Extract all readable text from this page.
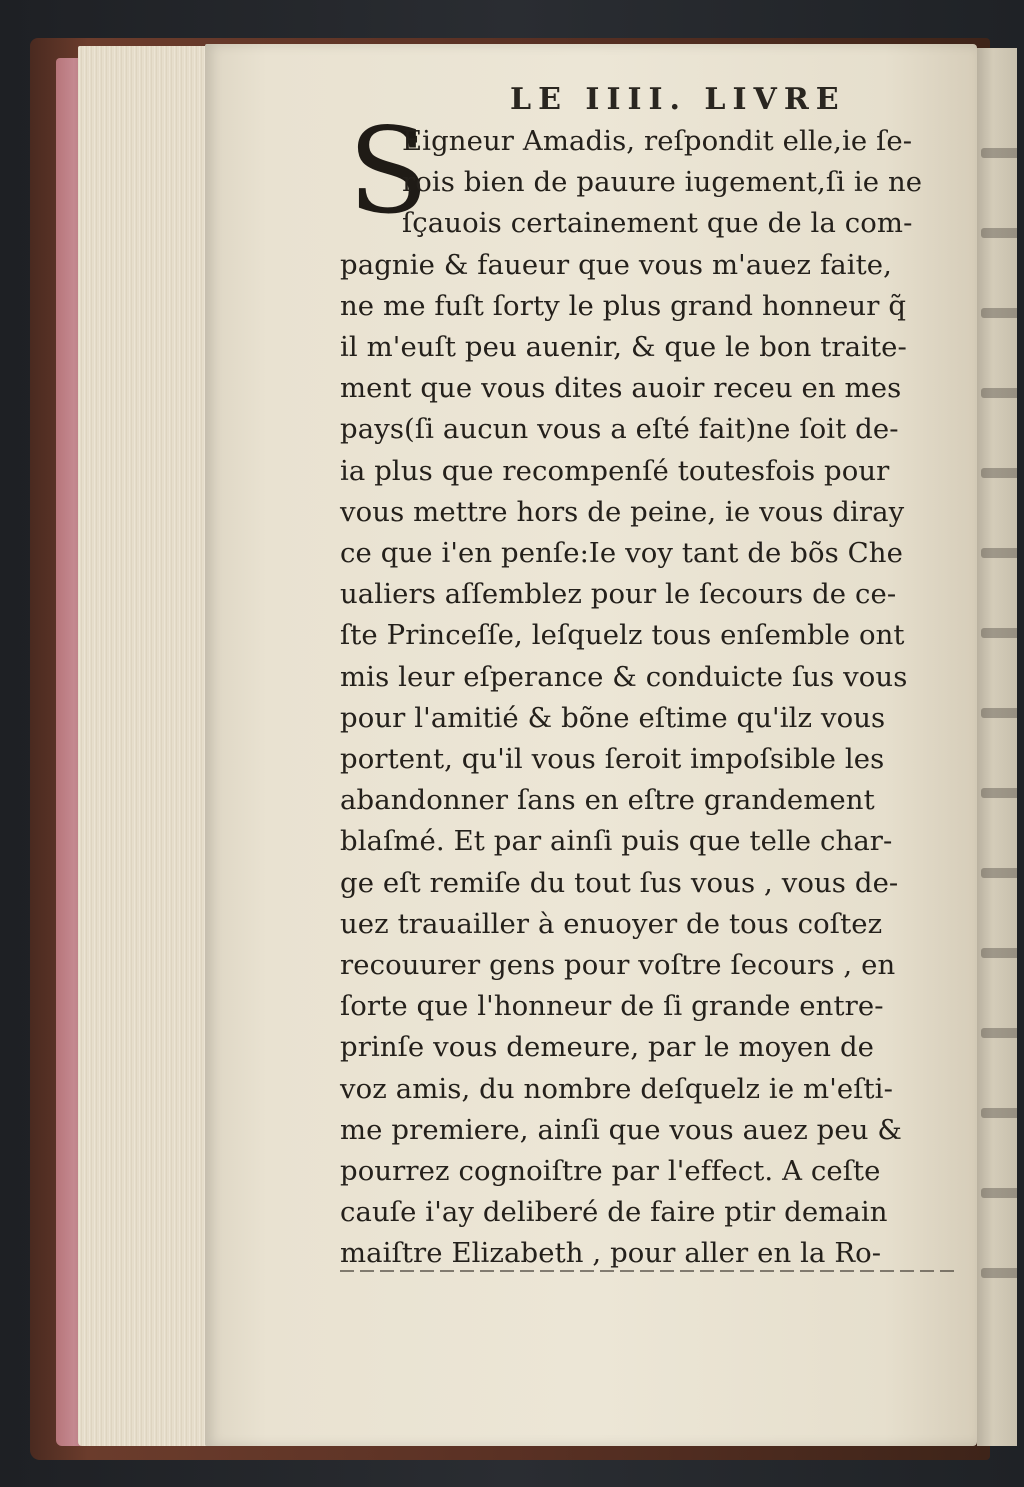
LE IIII. LIVRE
S
Eigneur Amadis, reſpondit elle,ie ſe-
rois bien de pauure iugement,ſi ie ne
ſçauois certainement que de la com-
pagnie & faueur que vous m'auez faite,
ne me fuſt ſorty le plus grand honneur q̃
il m'euſt peu auenir, & que le bon traite-
ment que vous dites auoir receu en mes
pays(ſi aucun vous a eſté fait)ne ſoit de-
ia plus que recompenſé toutesfois pour
vous mettre hors de peine, ie vous diray
ce que i'en penſe:Ie voy tant de bõs Che
ualiers aſſemblez pour le ſecours de ce-
ſte Princeſſe, leſquelz tous enſemble ont
mis leur eſperance & conduicte ſus vous
pour l'amitié & bõne eſtime qu'ilz vous
portent, qu'il vous ſeroit impoſsible les
abandonner ſans en eſtre grandement
blaſmé. Et par ainſi puis que telle char-
ge eſt remiſe du tout ſus vous , vous de-
uez trauailler à enuoyer de tous coſtez
recouurer gens pour voſtre ſecours , en
ſorte que l'honneur de ſi grande entre-
prinſe vous demeure, par le moyen de
voz amis, du nombre deſquelz ie m'eſti-
me premiere, ainſi que vous auez peu &
pourrez cognoiſtre par l'effect. A ceſte
cauſe i'ay deliberé de faire ptir demain
maiſtre Elizabeth , pour aller en la Ro-
